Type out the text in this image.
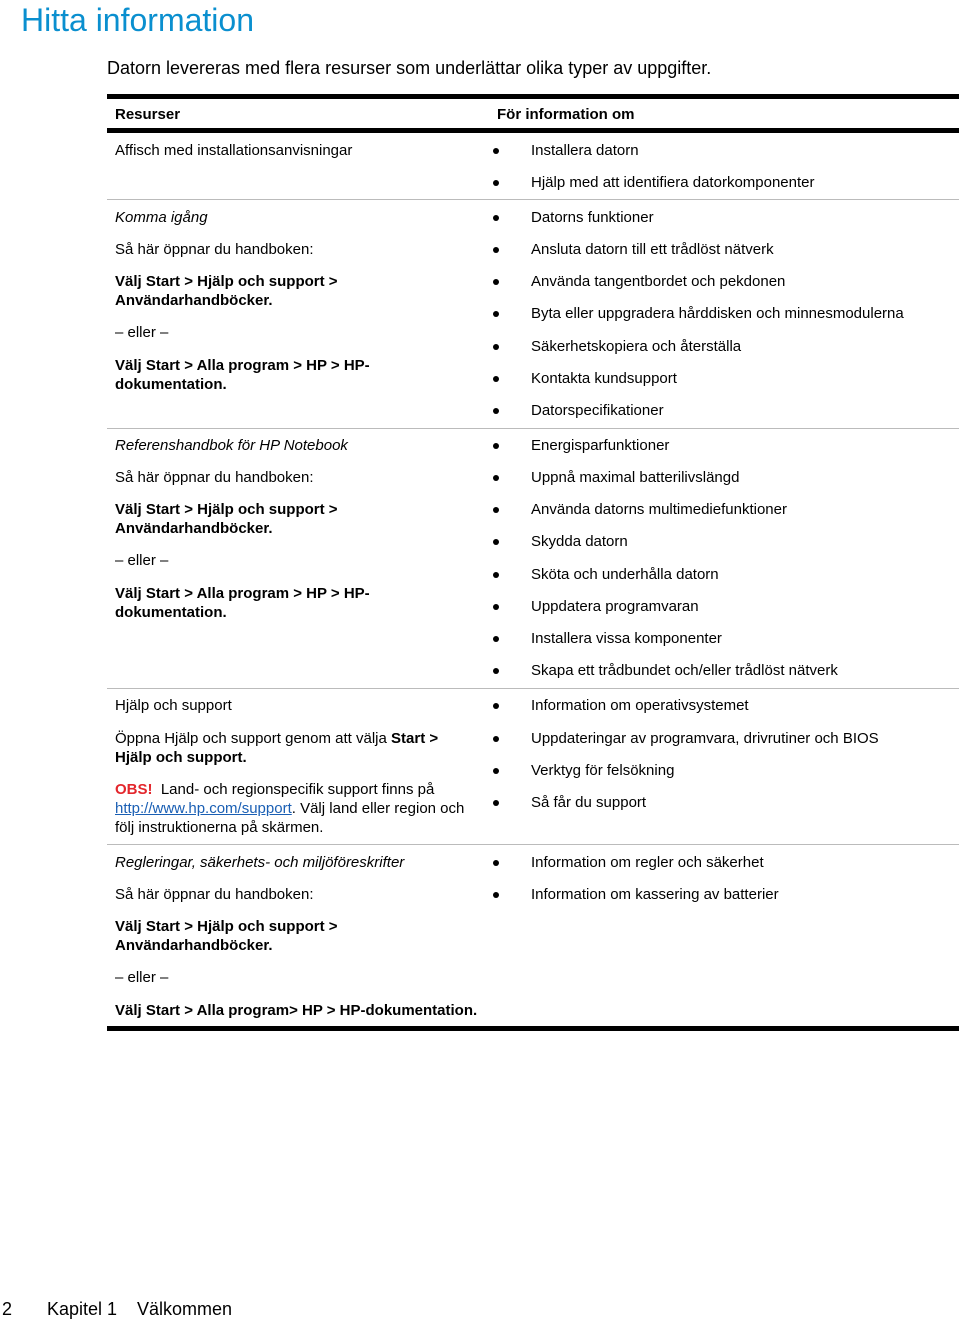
Hitta information
Datorn levereras med flera resurser som underlättar olika typer av uppgifter.
Resurser	För information om
Affisch med installationsanvisningar	Installera datorn
Hjälp med att identifiera datorkomponenter
Komma igång
Så här öppnar du handboken:
Välj Start > Hjälp och support >
Användarhandböcker.
– eller –
Välj Start > Alla program > HP > HP-
dokumentation.
Datorns funktioner
Ansluta datorn till ett trådlöst nätverk
Använda tangentbordet och pekdonen
Byta eller uppgradera hårddisken och minnesmodulerna
Säkerhetskopiera och återställa
Kontakta kundsupport
Datorspecifikationer
Referenshandbok för HP Notebook
Så här öppnar du handboken:
Välj Start > Hjälp och support >
Användarhandböcker.
– eller –
Välj Start > Alla program > HP > HP-
dokumentation.
Energisparfunktioner
Uppnå maximal batterilivslängd
Använda datorns multimediefunktioner
Skydda datorn
Sköta och underhålla datorn
Uppdatera programvaran
Installera vissa komponenter
Skapa ett trådbundet och/eller trådlöst nätverk
Hjälp och support
Öppna Hjälp och support genom att välja Start >
Hjälp och support.
OBS! Land- och regionspecifik support finns på
http://www.hp.com/support. Välj land eller region och
följ instruktionerna på skärmen.
Information om operativsystemet
Uppdateringar av programvara, drivrutiner och BIOS
Verktyg för felsökning
Så får du support
Regleringar, säkerhets- och miljöföreskrifter
Så här öppnar du handboken:
Välj Start > Hjälp och support >
Användarhandböcker.
– eller –
Välj Start > Alla program> HP > HP-dokumentation.
Information om regler och säkerhet
Information om kassering av batterier
2 Kapitel 1 Välkommen
